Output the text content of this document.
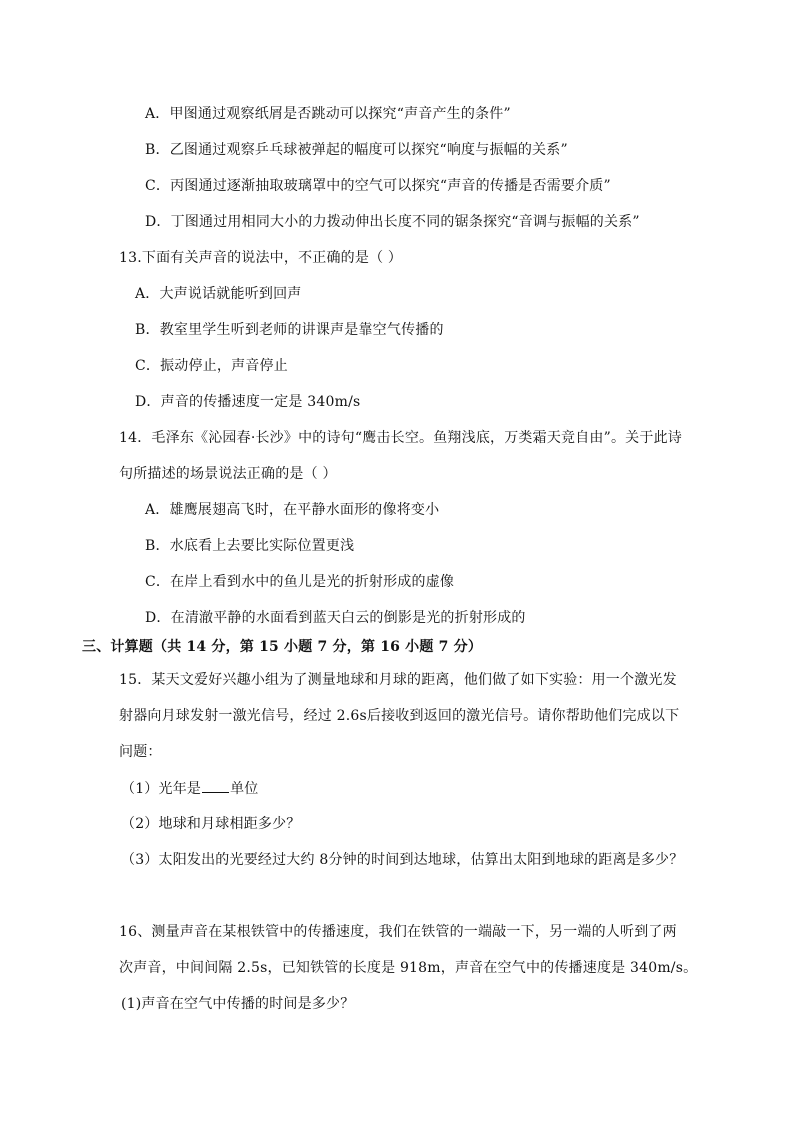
A．甲图通过观察纸屑是否跳动可以探究“声音产生的条件”
B．乙图通过观察乒乓球被弹起的幅度可以探究“响度与振幅的关系”
C．丙图通过逐渐抽取玻璃罩中的空气可以探究“声音的传播是否需要介质”
D．丁图通过用相同大小的力拨动伸出长度不同的锯条探究“音调与振幅的关系”
13.下面有关声音的说法中，不正确的是（ ）
A．大声说话就能听到回声
B．教室里学生听到老师的讲课声是靠空气传播的
C．振动停止，声音停止
D．声音的传播速度一定是 340m/s
14．毛泽东《沁园春·长沙》中的诗句“鹰击长空。鱼翔浅底，万类霜天竞自由”。关于此诗
句所描述的场景说法正确的是（ ）
A．雄鹰展翅高飞时，在平静水面形的像将变小
B．水底看上去要比实际位置更浅
C．在岸上看到水中的鱼儿是光的折射形成的虚像
D．在清澈平静的水面看到蓝天白云的倒影是光的折射形成的
三、计算题（共 14 分，第 15 小题 7 分，第 16 小题 7 分）
15．某天文爱好兴趣小组为了测量地球和月球的距离，他们做了如下实验：用一个激光发
射器向月球发射一激光信号，经过 2.6s后接收到返回的激光信号。请你帮助他们完成以下
问题：
（1）光年是 单位
（2）地球和月球相距多少？
（3）太阳发出的光要经过大约 8分钟的时间到达地球，估算出太阳到地球的距离是多少？
16、测量声音在某根铁管中的传播速度，我们在铁管的一端敲一下，另一端的人听到了两
次声音，中间间隔 2.5s，已知铁管的长度是 918m，声音在空气中的传播速度是 340m/s。
(1)声音在空气中传播的时间是多少？
